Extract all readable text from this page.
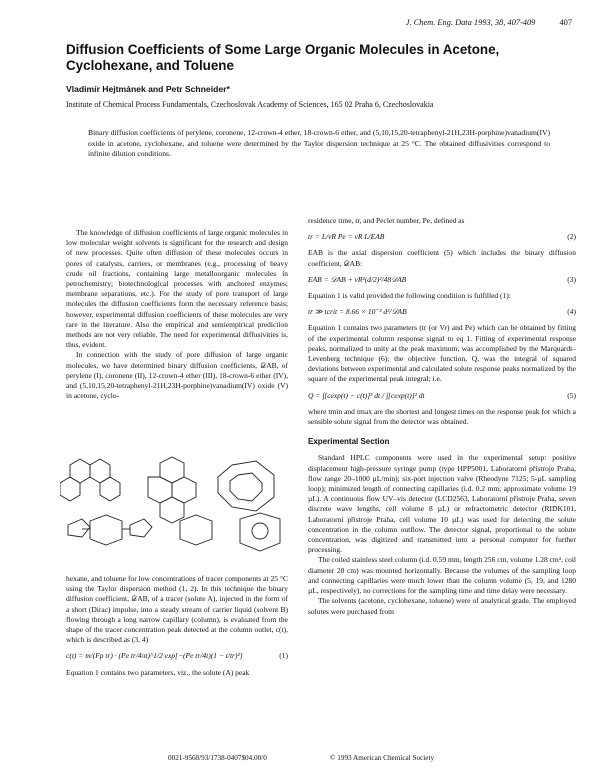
J. Chem. Eng. Data 1993, 38, 407-409	407
Diffusion Coefficients of Some Large Organic Molecules in Acetone, Cyclohexane, and Toluene
Vladimír Hejtmánek and Petr Schneider*
Institute of Chemical Process Fundamentals, Czechoslovak Academy of Sciences, 165 02 Praha 6, Czechoslovakia
Binary diffusion coefficients of perylene, coronene, 12-crown-4 ether, 18-crown-6 ether, and (5,10,15,20-tetraphenyl-21H,23H-porphine)vanadium(IV) oxide in acetone, cyclohexane, and toluene were determined by the Taylor dispersion technique at 25 °C. The obtained diffusivities correspond to infinite dilution conditions.

The knowledge of diffusion coefficients of large organic molecules in low molecular weight solvents is significant for the research and design of new processes. Quite often diffusion of these molecules occurs in pores of catalysts, carriers, or membranes (e.g., processing of heavy crude oil fractions, containing large metalloorganic molecules in petrochemistry; biotechnological processes with anchored enzymes; membrane separations, etc.). For the study of pore transport of large molecules the diffusion coefficients form the necessary reference basis; however, experimental diffusion coefficients of these molecules are very rare in the literature. Also the empirical and semiempirical prediction methods are not very reliable. The need for experimental diffusivities is, thus, evident.

In connection with the study of pore diffusion of large organic molecules, we have determined binary diffusion coefficients, 𝒟AB, of perylene (I), coronene (II), 12-crown-4 ether (III), 18-crown-6 ether (IV), and (5,10,15,20-tetraphenyl-21H,23H-porphine)vanadium(IV) oxide (V) in acetone, cyclo-

hexane, and toluene for low concentrations of tracer components at 25 °C using the Taylor dispersion method (1, 2). In this technique the binary diffusion coefficient, 𝒟AB, of a tracer (solute A), injected in the form of a short (Dirac) impulse, into a steady stream of carrier liquid (solvent B) flowing through a long narrow capillary (column), is evaluated from the shape of the tracer concentration peak detected at the column outlet, c(t), which is described as (3, 4)

c(t) = m/(Fp tr) · (Pe tr/4πt)^1/2 exp[−(Pe tr/4t)(1 − t/tr)²]	(1)

Equation 1 contains two parameters, viz., the solute (A) peak

residence time, tr, and Peclet number, Pe, defined as

tr = L/vR Pe = vR L/EAB	(2)

EAB is the axial dispersion coefficient (5) which includes the binary diffusion coefficient, 𝒟AB:

EAB = 𝒟AB + vR²(d/2)²/48𝒟AB	(3)

Equation 1 is valid provided the following condition is fulfilled (1):

tr ≫ tcrit = 8.66 × 10⁻³ d²/𝒟AB	(4)

Equation 1 contains two parameters (tr (or Vr) and Pe) which can be obtained by fitting of the experimental column response signal to eq 1. Fitting of experimental response peaks, normalized to unity at the peak maximum, was accomplished by the Marquardt–Levenberg technique (6); the objective function, Q, was the integral of squared deviations between experimental and calculated solute response peaks normalized by the square of the experimental peak integral; i.e.

Q = ∫[cexp(t) − c(t)]² dt / ∫[cexp(t)]² dt	(5)

where tmin and tmax are the shortest and longest times on the response peak for which a sensible solute signal from the detector was obtained.

Experimental Section

Standard HPLC components were used in the experimental setup: positive displacement high-pressure syringe pump (type HPP5001, Laboratorní přístroje Praha, flow range 20–1000 µL/min); six-port injection valve (Rheodyne 7125; 5-µL sampling loop); minimized length of connecting capillaries (i.d. 0.2 mm; approximate volume 19 µL). A continuous flow UV–vis detector (LCD2563, Laboratorní přístroje Praha, seven discrete wave lengths, cell volume 8 µL) or refractometric detector (RIDK101, Laboratorní přístroje Praha, cell volume 10 µL) was used for detecting the solute concentration in the column outflow. The detector signal, proportional to the solute concentration, was digitized and transmitted into a personal computer for further processing.

The coiled stainless steel column (i.d. 0.59 mm, length 256 cm, volume 1.28 cm³, coil diameter 28 cm) was mounted horizontally. Because the volumes of the sampling loop and connecting capillaries were much lower than the column volume (5, 19, and 1280 µL, respectively), no corrections for the sampling time and time delay were necessary.

The solvents (acetone, cyclohexane, toluene) were of analytical grade. The employed solutes were purchased from

0021-9568/93/1738-0407$04.00/0	© 1993 American Chemical Society
